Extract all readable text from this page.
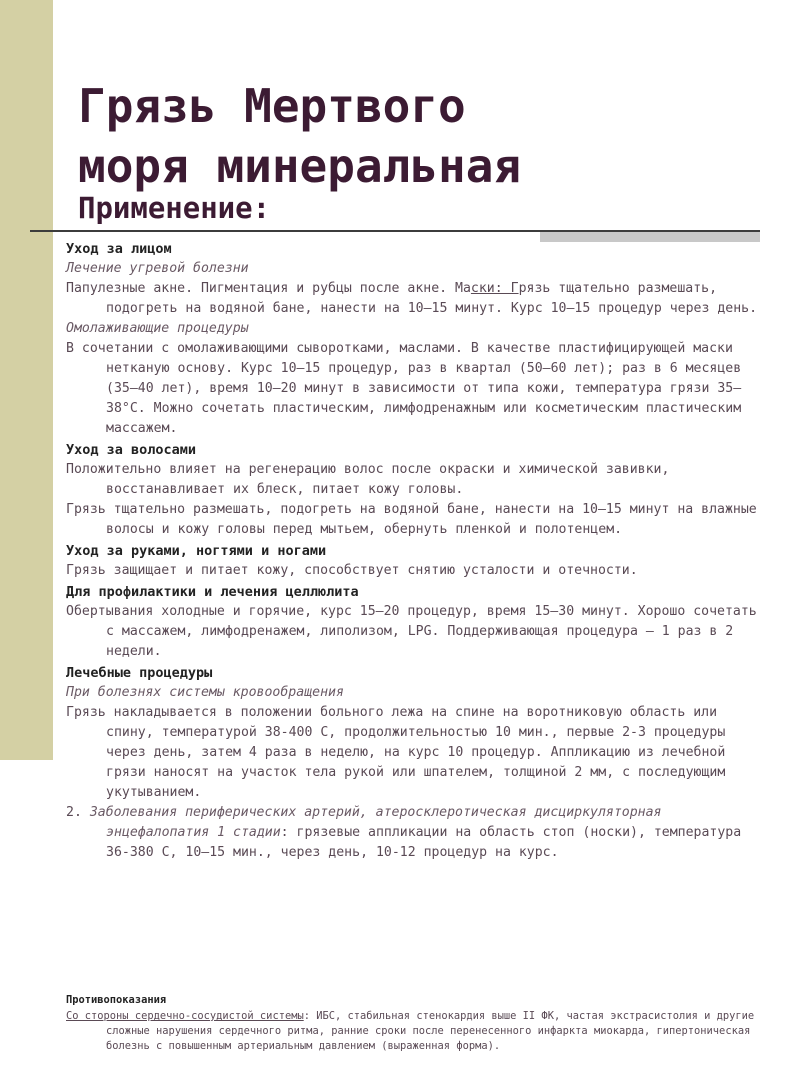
Грязь Мертвого
моря минеральная
Применение:
Уход за лицом
Лечение угревой болезни
Папулезные акне. Пигментация и рубцы после акне. Маски: Грязь тщательно размешать, подогреть на водяной бане, нанести на 10–15 минут. Курс 10–15 процедур через день.
Омолаживающие процедуры
В сочетании с омолаживающими сыворотками, маслами. В качестве пластифицирующей маски нетканую основу. Курс 10–15 процедур, раз в квартал (50–60 лет); раз в 6 месяцев (35–40 лет), время 10–20 минут в зависимости от типа кожи, температура грязи 35–38°С. Можно сочетать пластическим, лимфодренажным или косметическим пластическим массажем.
Уход за волосами
Положительно влияет на регенерацию волос после окраски и химической завивки, восстанавливает их блеск, питает кожу головы.
Грязь тщательно размешать, подогреть на водяной бане, нанести на 10–15 минут на влажные волосы и кожу головы перед мытьем, обернуть пленкой и полотенцем.
Уход за руками, ногтями и ногами
Грязь защищает и питает кожу, способствует снятию усталости и отечности.
Для профилактики и лечения целлюлита
Обертывания холодные и горячие, курс 15–20 процедур, время 15–30 минут. Хорошо сочетать с массажем, лимфодренажем, липолизом, LPG. Поддерживающая процедура – 1 раз в 2 недели.
Лечебные процедуры
При болезнях системы кровообращения
Грязь накладывается в положении больного лежа на спине на воротниковую область или спину, температурой 38-400 С, продолжительностью 10 мин., первые 2-3 процедуры через день, затем 4 раза в неделю, на курс 10 процедур. Аппликацию из лечебной грязи наносят на участок тела рукой или шпателем, толщиной 2 мм, с последующим укутыванием.
2. Заболевания периферических артерий, атеросклеротическая дисциркуляторная энцефалопатия 1 стадии: грязевые аппликации на область стоп (носки), температура 36-380 С, 10–15 мин., через день, 10-12 процедур на курс.
Противопоказания
Со стороны сердечно-сосудистой системы: ИБС, стабильная стенокардия выше II ФК, частая экстрасистолия и другие сложные нарушения сердечного ритма, ранние сроки после перенесенного инфаркта миокарда, гипертоническая болезнь с повышенным артериальным давлением (выраженная форма).
